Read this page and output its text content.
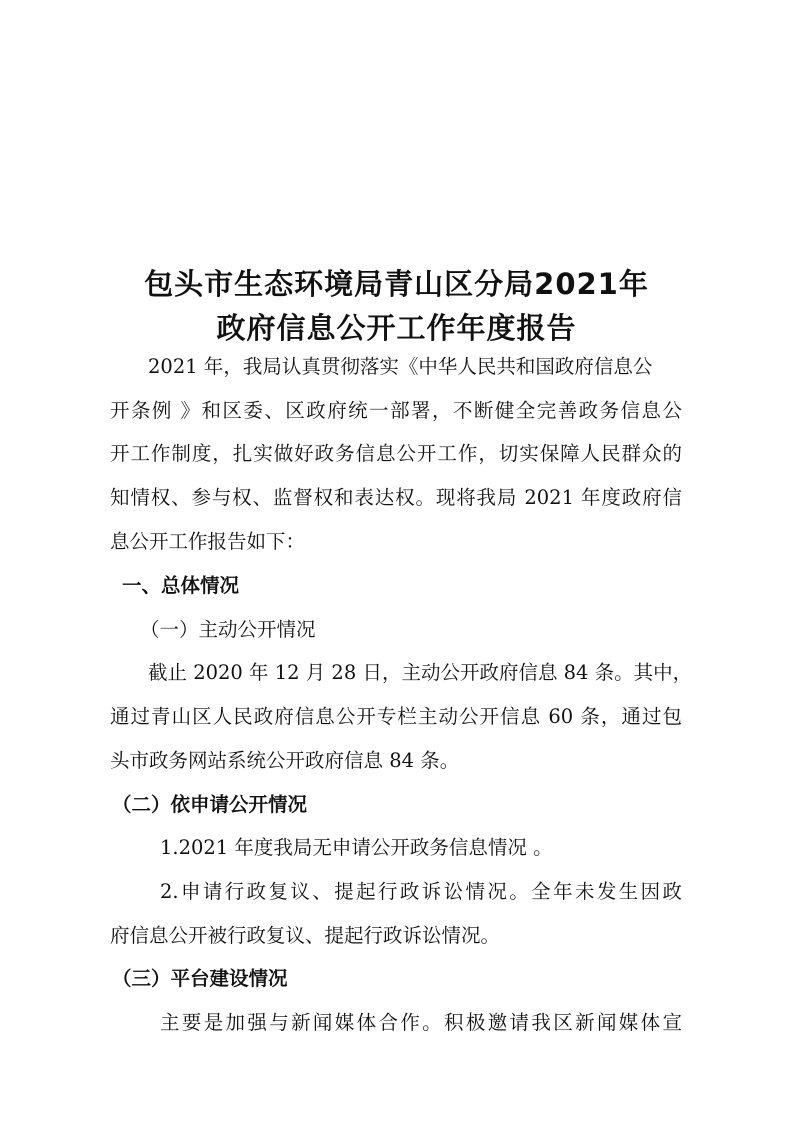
包头市生态环境局青山区分局2021年
政府信息公开工作年度报告
2021 年，我局认真贯彻落实《中华人民共和国政府信息公
开条例 》和区委、区政府统一部署，不断健全完善政务信息公
开工作制度，扎实做好政务信息公开工作，切实保障人民群众的
知情权、参与权、监督权和表达权。现将我局 2021 年度政府信
息公开工作报告如下：
一、总体情况
（一）主动公开情况
截止 2020 年 12 月 28 日，主动公开政府信息 84 条。其中，
通过青山区人民政府信息公开专栏主动公开信息 60 条，通过包
头市政务网站系统公开政府信息 84 条。
（二）依申请公开情况
1.2021 年度我局无申请公开政务信息情况 。
2.申请行政复议、提起行政诉讼情况。全年未发生因政
府信息公开被行政复议、提起行政诉讼情况。
（三）平台建设情况
主要是加强与新闻媒体合作。积极邀请我区新闻媒体宣
